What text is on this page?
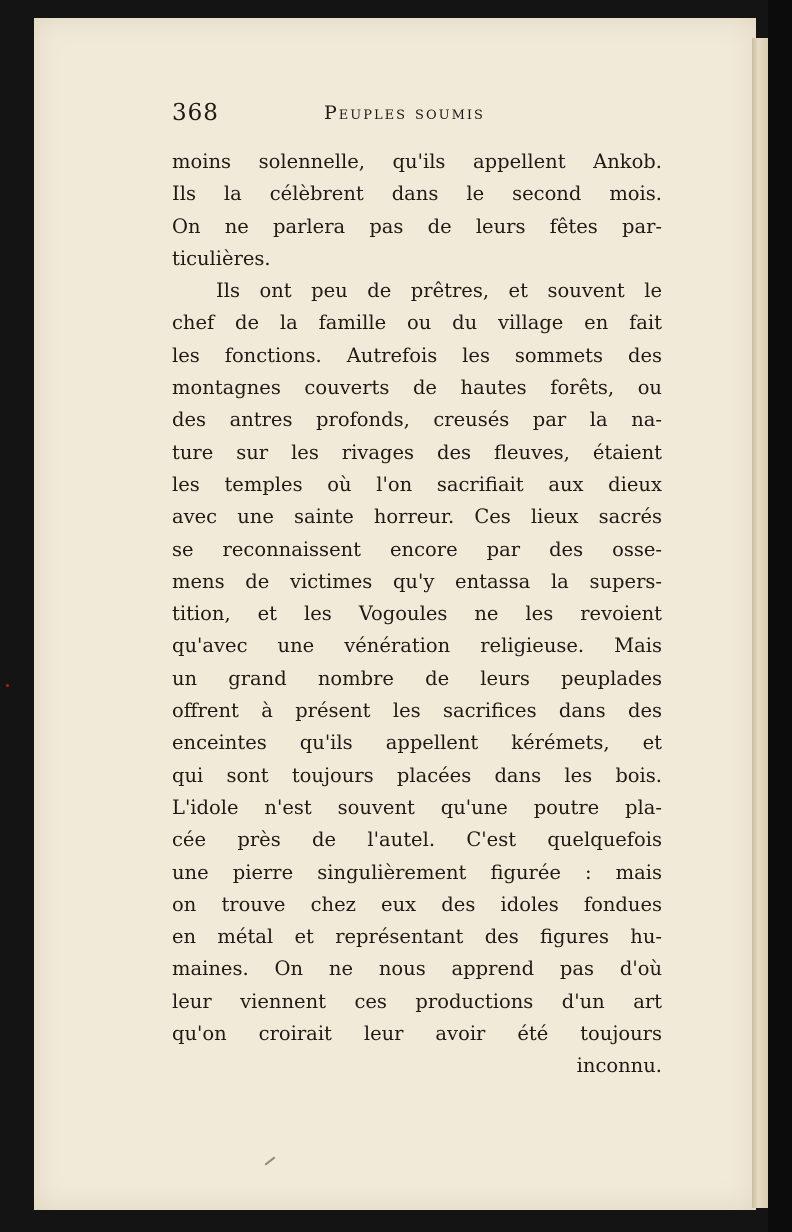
368	Peuples soumis
moins solennelle, qu'ils appellent Ankob.
Ils la célèbrent dans le second mois.
On ne parlera pas de leurs fêtes par-
ticulières.
Ils ont peu de prêtres, et souvent le
chef de la famille ou du village en fait
les fonctions. Autrefois les sommets des
montagnes couverts de hautes forêts, ou
des antres profonds, creusés par la na-
ture sur les rivages des fleuves, étaient
les temples où l'on sacrifiait aux dieux
avec une sainte horreur. Ces lieux sacrés
se reconnaissent encore par des osse-
mens de victimes qu'y entassa la supers-
tition, et les Vogoules ne les revoient
qu'avec une vénération religieuse. Mais
un grand nombre de leurs peuplades
offrent à présent les sacrifices dans des
enceintes qu'ils appellent kérémets, et
qui sont toujours placées dans les bois.
L'idole n'est souvent qu'une poutre pla-
cée près de l'autel. C'est quelquefois
une pierre singulièrement figurée : mais
on trouve chez eux des idoles fondues
en métal et représentant des figures hu-
maines. On ne nous apprend pas d'où
leur viennent ces productions d'un art
qu'on croirait leur avoir été toujours
inconnu.
